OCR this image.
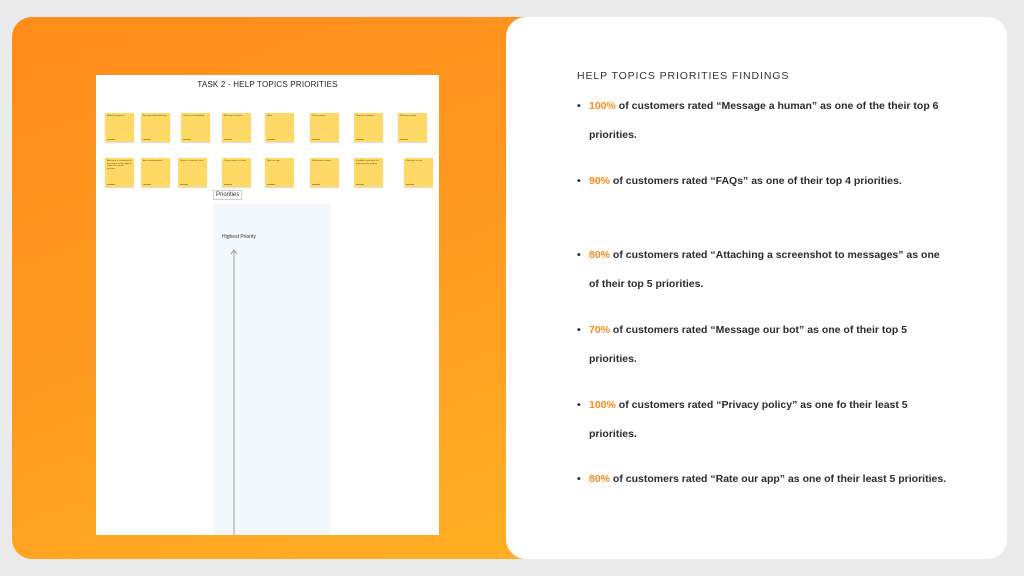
TASK 2 - HELP TOPICS PRIORITIES
Billing & payments	Account and profile help	Delivery & scheduling	Message a human	FAQs	Privacy policy	Terms & conditions	Manage account
Attaching a screenshot to messages so the support team can see the problem
Accessibility options	Report a technical issue	Promo codes & credits	Rate our app	Notification settings	Feedback and ideas for improving the product
Message our bot
Priorities
Highest Priority
HELP TOPICS PRIORITIES FINDINGS
• 100% of customers rated “Message a human” as one of the their top 6 priorities.
• 90% of customers rated “FAQs” as one of their top 4 priorities.
• 80% of customers rated “Attaching a screenshot to messages” as one of their top 5 priorities.
• 70% of customers rated “Message our bot” as one of their top 5 priorities.
• 100% of customers rated “Privacy policy” as one fo their least 5 priorities.
• 80% of customers rated “Rate our app” as one of their least 5 priorities.
